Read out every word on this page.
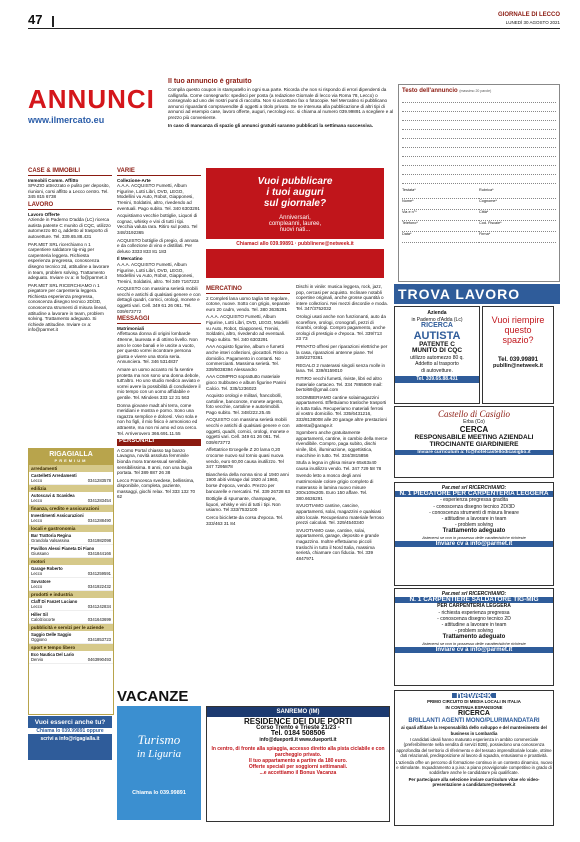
47	GIORNALE DI LECCO
LUNEDÌ 30 AGOSTO 2021
ANNUNCI
www.ilmercato.eu
Il tuo annuncio è gratuito
Compila questo coupon in stampatello in ogni sua parte. Ricorda che non si rispondo di errori dipendenti da calligrafia. Come consegnarlo: spedisci per posta (a redazione Giornale di lecco via Roma 78, Lecco) o consegnalo ad uno dei nostri punti di raccolta. Non si accettano fax o fotocopie. Nel Mercatino si pubblicano annunci riguardanti compravendite di oggetti a titolo privato. Se ne intenusa alla pubblicazione di altri tipi di annunci ad esempio case, lavoro offerte, auguri, necrologi ecc. si chiama al numero 039.99891 a scegliere e al prezzo più conveniente.
In caso di mancanza di spazio gli annunci gratuiti saranno pubblicati la settimana successiva.
Testo dell'annuncio (massimo 20 parole)
Testata*	Rubrica*
Nome*	Cognome*
Via e n°*	Città*
Telefono*	Cod. Fiscale*
Data*	Firma*
CASE & IMMOBILI
Immobili Comm. Affitto

SPAZIO attrezzato e pulito per deposito, riunioni, corsi affitto a Lecco centro. Tel. 345 815 6738

LAVORO
Lavoro Offerte

Aziende in Paderno D'adda (LC) ricerca autista patente C munito di CQC, utilizzo automezzo 80 q, addetto al trasporto di autovetture. Tel. 339.65.88.431

PAR.MET SRL ricerchiamo n 1 carpentiere saldatore tig-mig per carpenteria leggera. Richiesta esperienza pregressa, conoscenza disegno tecnico 2d, attitudine a lavorare in team, problem solving. Trattamento adeguato. Inviare cv a: in fo@parmet.it

PAR.MET SRL RICERCHIAMO n 1 piegatore per carpenteria leggera. Richiesta esperienza pregressa, conoscenza disegno tecnico 2D/3D, conoscenza strumenti di misura lineari, attitudine a lavorare in team, problem solving. Trattamento adeguato. Si richiede attitudine. Inviare cv a: info@parmet.it

RIGAGIALLA
PREMIUM
arredamenti
Castelletti Arredamenti
Lecco	0341283578
edilizia
Autoscavi & Scavidea
Lecco	0341283454
finanza, credito e assicurazioni
Investimenti Assicurazioni
Lecco	0341288490
locali e gastronomia
Bar Trattoria Regina
Grandola Valsassina	0341982098
Pavillon Alessi Pianeta Di Fiano
Giussano	0341844166
motori
Garage Roberto
Lecco	0341259591
Sovratore
Lecco	0341922432
prodotti e industria
Claff Di Fanzet Luciano
Lecco	0341242834
Hiller Sil
Calolziocorte	0341643699
pubblicità e servizi per le aziende
Saggio Delle Saggio
Oggiono	0341853723
sport e tempo libero
Eco Nautica Del Lario
Dervio	0463990493
Vuoi esserci anche tu?
Chiama lo 039.99891 oppure
scrivi a info@rigagialla.it
VARIE
Collezione-Arte

A.A.A. ACQUISTO Fumetti, Album Figurine, Lotti Libri, DVD, LEGO, Modellini vu Auto, Robot, Giapponesi, Trenini, Soldatini, altro, rivedendo ad eventuali. Pago subito. Tel. 340 6303291

Acquistiamo vecchie bottiglie, Liquori di cognac, whisky e vini di tutti i tipi. Vecchia valuta rara. Ritiro sul posto. Tel 348/3192365

ACQUISTO bottiglie di pregio, di annata e da collezione di vino e distillati. Per deluso 3333 833 81 183

Il Mercatino

A.A.A. ACQUISTO Fumetti, Album Figurine, Lotti Libri, DVD, LEGO, Modellini vu Auto, Robot, Giapponesi, Trenini, Soldatini, altro. Tel 349 7167223

ACQUISTO con massima serietà mobili vecchi e antichi di qualsiasi genere e con dettagli quadri, cornici, orologi, monete e oggetti vari. Cell. 349 61 26 061. Tel. 039/673772

MESSAGGI
Matrimoniali

Affettuosa donna di origini lombarde 49enne, laureata e di ottimo livello. Non amo le cose banali e le uscite a vuoto, per questo vorrei incontrare persona giusta e vivere una storia seria. Annunciera. Tel. 346 5314837

Amare un uomo accanto mi fa sentire protetta ma non sono una donna debole, tutt'altro. Ho uno studio medico avviato e vorrei avere la possibilità di condividere il mio tempo con un uomo affidabile e gentile. Tel. Mindess 333 12 31 563

Donna giovane madt ahi terra, come meridiani e mostra e porno. Sono una ragazza semplice e dolcesì. Vivo sola e non ho figli, il mio fisico è armonioso ed attraente, ma non mi amo ed ora cerco. Tel. Arriverovero 366.691.11.55

PERSONALI

A Como Portal chiasso tap banzo Lavagna, novità assoluta femminile bionda mora transessual sensibile, sensibilissima. 8 anni, non una bugia portata. Tel 389 887 26 38

Lecco Francesca svedese, bellissima, disponibile, completa, paziente, massaggi, giochi relax. Tel 333 132 70 62

Vuoi pubblicare
i tuoi auguri
sul giornale?
Anniversari,
compleanni, lauree,
nuovi nati...
Chiamaci allo 039.99891 · pubblinene@netweek.it
MERCATINO

2 Completi lana uomo taglia 50 regolare, cotone, nuove. Sotto con grigio, separate euro 20 cadm, vendo. Tel. 380 3635291

A.A.A. ACQUISTO Fumetti, Album Figurine, Lotti Libri, DVD, LEGO, Modelli vu Auto, Robot, Giapponesi, Trenini, Soldatini, altro, rivedendo ad eventuali. Pago subito. Tel. 340 6303291

AAA Acquisto figurine, album e fumetti anche interi collezioni, giocattoli. Ritiro a domicilio. Pagamento in contanti. No commercianti. Massima serietà. Tel. 339/5038394 Alessandro

AAA COMPRO soprattutto materiale gioco Subbuteo e album figurine Panini Calcio. Tel. 335/1236023

Acquisto orologi e militari, francobolli, cartoline, banconote, monete argento, foto vecchie, cartoline e autorimobili. Pago subito. Tel. 348/222.25.45

ACQUISTO con massima serietà mobili vecchi e antichi di qualsiasi genere e con oggetti, quadri, cornici, orologi, monete e oggetti vari. Cell. 349 61 26 061. Tel. 039/673772

Affettatrice Ercegelle Z 20 lama 0,20 crocome nuovo sul tornio quasi nuova vendo, euro 60,00 causa inutilizzo. Tel 347 7295878

Biancheria della nonna sino al 1940 anni 1900 abiti vintage dal 1920 al 1960, borse d'epoca, vendo. Prezzo per bancarelle e mercatini. Tel. 339 26728 63

Bottiglie di spumante, champagne, liquori, whisky e vini di tutti i tipi. Non usiamo. Tel 333/7532100

Cerco biciclette da corsa d'epoca. Tel. 333/463 31 84

Dischi in vinile: musica leggera, rock, jazz, pop, cercasi per acquisto. Inclinare notabli copertine originali, anche grosse quantità o intere collezioni. Nei mezzi discordie e moda. Tel. 347/3752032

Orologi usati anche non funzionanti, auto da scoreflore, orologi, cronografi, pezzi di ricambi, orologi. Compro pagamento, anche orologi di prestigio e d'epoca. Tel. 339/713 23 73

PRIVATO offresi per riparazioni elettriche per la casa, riparazioni antenne piane. Tel 349/2270361

REGALO 2 materassi singoli senza molle in lana. Tel. 339/8159010

RITIRO vecchi fumetti, riviste, libri ed altro materiale cartaceo. Tel. 334 7865609 mail: bertol69@gmail.com

SGOMBERIAMO cantine solaimagazzini appartamenti. Effettuiamo trasloche trasporti in tutta Italia. Recuperiamo materiali ferrosi al vostro domicilio. Tel. 335/6431216, 333/8138008 alle 20 garage altre prestazioni attenta@garage.it

Sgombero anche gratuitamente appartamenti, cantine, in cambio della merce rivendibile. Compro, paga subito, dischi vinile, libri, illuminazione, oggettistica, macchine in tutto. Tel. 334/3815856

Stufa a legna in ghisa misure 65x63x40 causa inutilizzo vendo. Tel. 347 729 58 78

Svendo letto a mosco degli anni matrimoniale colore grigio completo di materasso in lamina nuovo misure 200x109x205. Euro 150 affare. Tel. 380.6636291

SVUOTIAMO cantine, cascine, appartamenti, solai, magazzini e qualsiasi altro locale. Recuperiamo materiale ferroso prezzi calcolati. Tel. 329/4540340

SVUOTIAMO case, cantine, solai, appartamenti, garage, deposito e grande magazzino. Inoltre effettuiamo piccoli traslochi in tutto il Nord Italia, massima serietà, chiamare con fiducia. Tel. 339 4847971

TROVA LAVORO
Azienda
in Paderno d'Adda (Lc)
RICERCA
AUTISTA
PATENTE C
MUNITO DI CQC
utilizzo automezzo 80 q.
Addetto al trasporto
di autovetture.
Tel. 339.65.88.431
Vuoi riempire
questo
spazio?
Tel. 039.99891
publlin@netweek.it
Castello di Casiglio
Erba (Co)
CERCA
RESPONSABILE MEETING AZIENDALI
TIROCINANTE GIARDINIERE
Inviare curriculum a: fc@hotelcastellodicasiglio.it
Par.met srl RICERCHIAMO:
N. 1 PIEGATORE PER CARPENTERIA LEGGERA
- esperienza pregressa gradita
- conoscenza disegno tecnico 2D/3D
- conoscenza strumenti di misura lineare
- attitudine a lavorare in team
- problem solving
Trattamento adeguato
Astenersi se non in possesso delle caratteristiche richieste
Inviare cv a info@parmet.it
Par.met srl RICERCHIAMO:
N. 1 CARPENTIERE SALDATORE TIG-MIG
PER CARPENTERIA LEGGERA
- richiesta esperienza pregressa
- conoscenza disegno tecnico 2D
- attitudine a lavorare in team
- problem solving
Trattamento adeguato
Astenersi se non in possesso delle caratteristiche richieste
Inviare cv a info@parmet.it
netweek
PRIMO CIRCUITO DI MEDIA LOCALI IN ITALIA
IN CONTINUA ESPANSIONE
RICERCA
BRILLANTI AGENTI MONO/PLURIMANDATARI
ai quali affidare la responsabilità dello sviluppo e del mantenimento del business in Lombardia
I candidati ideali hanno maturato esperienza in ambito commerciale (preferibilmente nella vendita di servizi B2B), possiedono una conoscenza approfondita del territorio di riferimento e del tessuto imprenditoriale locale, ottime doti relazionali, predisposizione al lavoro di squadra, entusiasmo e proattività.
L'azienda offre un percorso di formazione continuo in un contesto dinamico, nuovo e stimolante. Inquadramento a p.iva: a piano provvigionale competitivo in grado di soddisfare anche le candidature più qualificate.
Per partecipare alla selezione inviare curriculum vitae e/o video-presentazione a candidature@netweek.it
VACANZE
Turismo
in Liguria
Chiama lo 039.99891
SANREMO (IM)
RESIDENCE DEI DUE PORTI
Corso Trento e Trieste 21/23 -
Tel. 0184 508506
info@dueporti.it www.dueporti.it
In centro, di fronte alla spiaggia, accesso diretto alla pista ciclabile e con parcheggio privato.
Il tuo appartamento a partire da 180 euro.
Offerte speciali per soggiorni settimanali.
...e accettiamo il Bonus Vacanza
